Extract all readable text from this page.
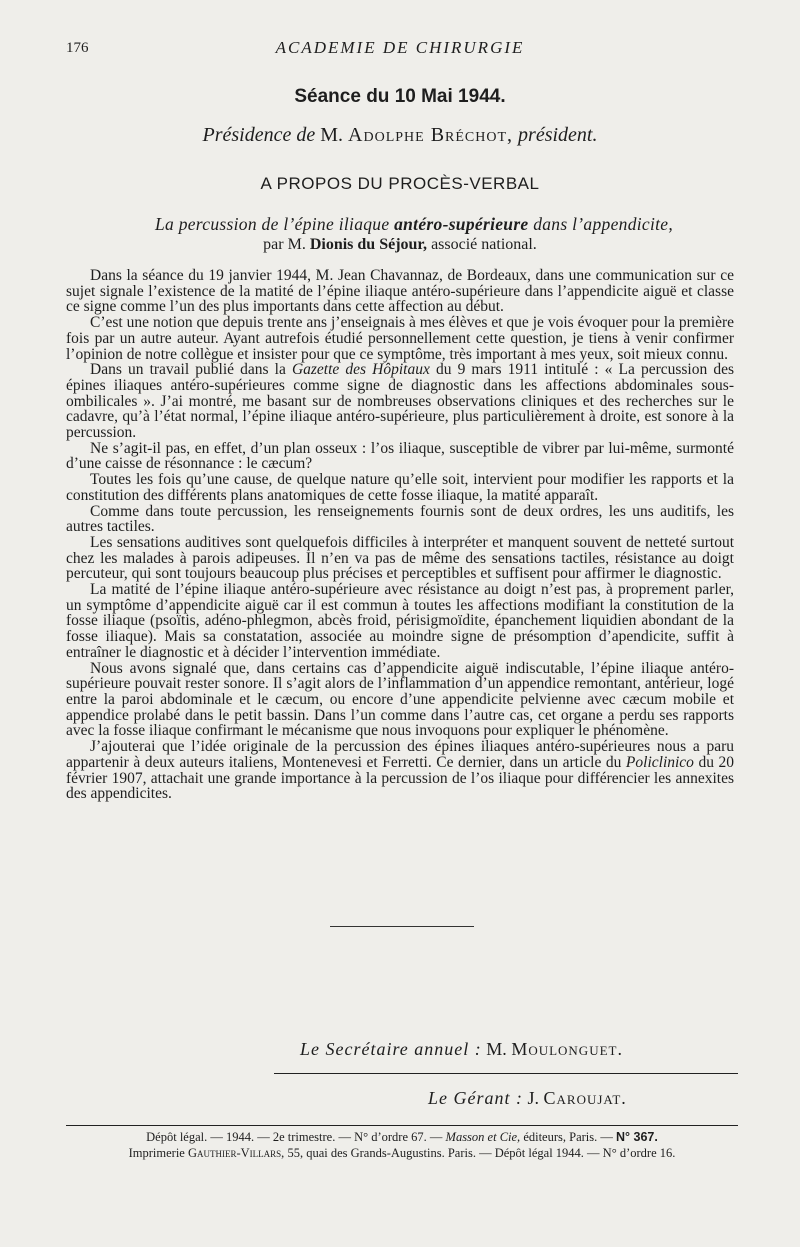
176	ACADEMIE DE CHIRURGIE
Séance du 10 Mai 1944.
Présidence de M. Adolphe Bréchot, président.
A PROPOS DU PROCÈS-VERBAL
La percussion de l’épine iliaque antéro-supérieure dans l’appendicite,
par M. Dionis du Séjour, associé national.

Dans la séance du 19 janvier 1944, M. Jean Chavannaz, de Bordeaux, dans une communication sur ce sujet signale l’existence de la matité de l’épine iliaque antéro-supérieure dans l’appendicite aiguë et classe ce signe comme l’un des plus importants dans cette affection au début.

C’est une notion que depuis trente ans j’enseignais à mes élèves et que je vois évoquer pour la première fois par un autre auteur. Ayant autrefois étudié personnellement cette question, je tiens à venir confirmer l’opinion de notre collègue et insister pour que ce symptôme, très important à mes yeux, soit mieux connu.

Dans un travail publié dans la Gazette des Hôpitaux du 9 mars 1911 intitulé : « La percussion des épines iliaques antéro-supérieures comme signe de diagnostic dans les affections abdominales sous-ombilicales ». J’ai montré, me basant sur de nombreuses observations cliniques et des recherches sur le cadavre, qu’à l’état normal, l’épine iliaque antéro-supérieure, plus particulièrement à droite, est sonore à la percussion.

Ne s’agit-il pas, en effet, d’un plan osseux : l’os iliaque, susceptible de vibrer par lui-même, surmonté d’une caisse de résonnance : le cæcum?

Toutes les fois qu’une cause, de quelque nature qu’elle soit, intervient pour modifier les rapports et la constitution des différents plans anatomiques de cette fosse iliaque, la matité apparaît.

Comme dans toute percussion, les renseignements fournis sont de deux ordres, les uns auditifs, les autres tactiles.

Les sensations auditives sont quelquefois difficiles à interpréter et manquent souvent de netteté surtout chez les malades à parois adipeuses. Il n’en va pas de même des sensations tactiles, résistance au doigt percuteur, qui sont toujours beaucoup plus précises et perceptibles et suffisent pour affirmer le diagnostic.

La matité de l’épine iliaque antéro-supérieure avec résistance au doigt n’est pas, à proprement parler, un symptôme d’appendicite aiguë car il est commun à toutes les affections modifiant la constitution de la fosse iliaque (psoïtis, adéno-phlegmon, abcès froid, périsigmoïdite, épanchement liquidien abondant de la fosse iliaque). Mais sa constatation, associée au moindre signe de présomption d’apendicite, suffit à entraîner le diagnostic et à décider l’intervention immédiate.

Nous avons signalé que, dans certains cas d’appendicite aiguë indiscutable, l’épine iliaque antéro-supérieure pouvait rester sonore. Il s’agit alors de l’inflammation d’un appendice remontant, antérieur, logé entre la paroi abdominale et le cæcum, ou encore d’une appendicite pelvienne avec cæcum mobile et appendice prolabé dans le petit bassin. Dans l’un comme dans l’autre cas, cet organe a perdu ses rapports avec la fosse iliaque confirmant le mécanisme que nous invoquons pour expliquer le phénomène.

J’ajouterai que l’idée originale de la percussion des épines iliaques antéro-supérieures nous a paru appartenir à deux auteurs italiens, Montenevesi et Ferretti. Ce dernier, dans un article du Policlinico du 20 février 1907, attachait une grande importance à la percussion de l’os iliaque pour différencier les annexites des appendicites.

Le Secrétaire annuel : M. Moulonguet.
Le Gérant : J. Caroujat.
Dépôt légal. — 1944. — 2e trimestre. — N° d’ordre 67. — Masson et Cie, éditeurs, Paris. — N° 367.
Imprimerie Gauthier-Villars, 55, quai des Grands-Augustins. Paris. — Dépôt légal 1944. — N° d’ordre 16.
